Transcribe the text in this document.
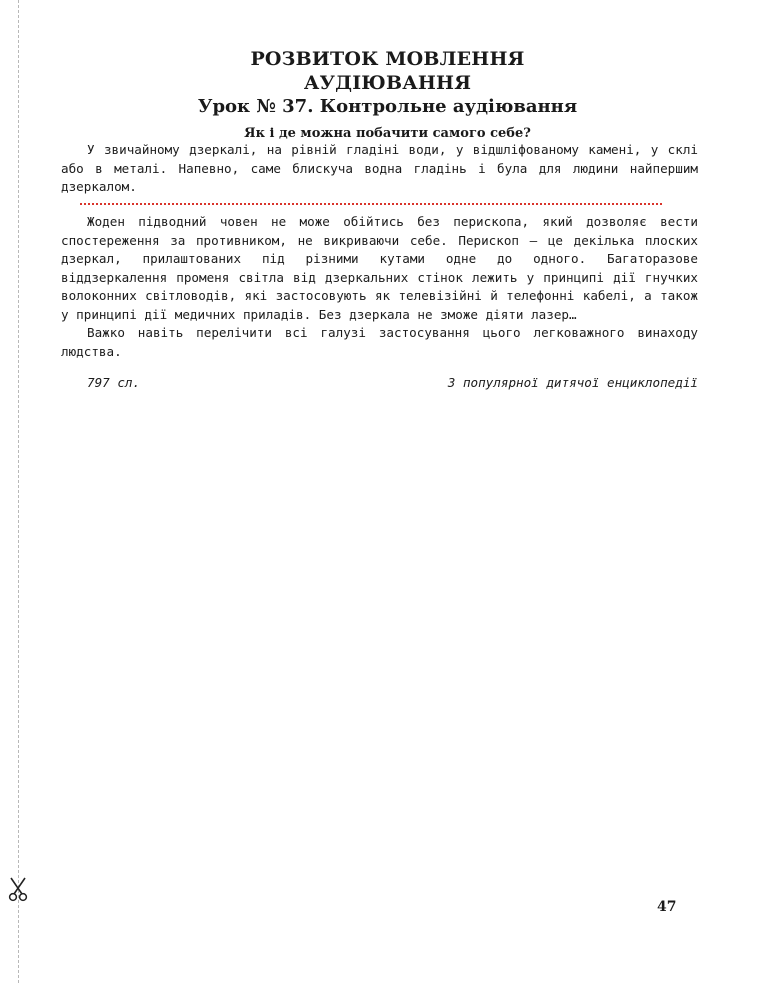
РОЗВИТОК МОВЛЕННЯ
АУДІЮВАННЯ
Урок № 37. Контрольне аудіювання
Як і де можна побачити самого себе?

У звичайному дзеркалі, на рівній гладіні води, у відшліфованому камені, у склі або в металі. Напевно, саме блискуча водна гладінь і була для людини найпершим дзеркалом.

Жоден підводний човен не може обійтись без перископа, який дозволяє вести спостереження за противником, не викриваючи себе. Перископ — це декілька плоских дзеркал, прилаштованих під різними кутами одне до одного. Багаторазове віддзеркалення променя світла від дзеркальних стінок лежить у принципі дії гнучких волоконних світловодів, які застосовують як телевізійні й телефонні кабелі, а також у принципі дії медичних приладів. Без дзеркала не зможе діяти лазер…

Важко навіть перелічити всі галузі застосування цього легковажного винаходу людства.

797 сл.	З популярної дитячої енциклопедії
47
